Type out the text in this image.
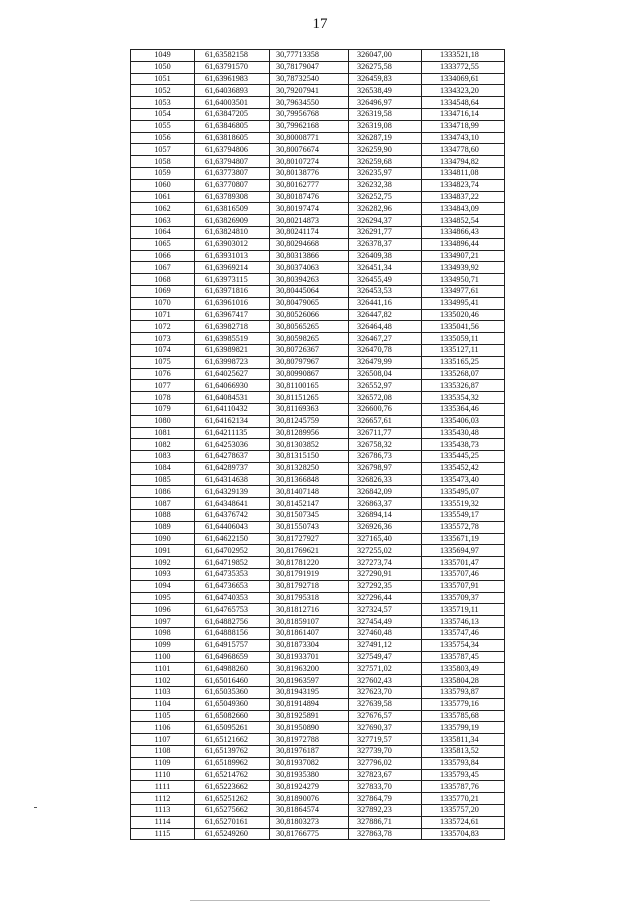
17
1049	61,63582158	30,77713358	326047,00	1333521,18
1050	61,63791570	30,78179047	326275,58	1333772,55
1051	61,63961983	30,78732540	326459,83	1334069,61
1052	61,64036893	30,79207941	326538,49	1334323,20
1053	61,64003501	30,79634550	326496,97	1334548,64
1054	61,63847205	30,79956768	326319,58	1334716,14
1055	61,63846805	30,79962168	326319,08	1334718,99
1056	61,63818605	30,80008771	326287,19	1334743,10
1057	61,63794806	30,80076674	326259,90	1334778,60
1058	61,63794807	30,80107274	326259,68	1334794,82
1059	61,63773807	30,80138776	326235,97	1334811,08
1060	61,63770807	30,80162777	326232,38	1334823,74
1061	61,63789308	30,80187476	326252,75	1334837,22
1062	61,63816509	30,80197474	326282,96	1334843,09
1063	61,63826909	30,80214873	326294,37	1334852,54
1064	61,63824810	30,80241174	326291,77	1334866,43
1065	61,63903012	30,80294668	326378,37	1334896,44
1066	61,63931013	30,80313866	326409,38	1334907,21
1067	61,63969214	30,80374063	326451,34	1334939,92
1068	61,63973115	30,80394263	326455,49	1334950,71
1069	61,63971816	30,80445064	326453,53	1334977,61
1070	61,63961016	30,80479065	326441,16	1334995,41
1071	61,63967417	30,80526066	326447,82	1335020,46
1072	61,63982718	30,80565265	326464,48	1335041,56
1073	61,63985519	30,80598265	326467,27	1335059,11
1074	61,63989821	30,80726367	326470,78	1335127,11
1075	61,63998723	30,80797967	326479,99	1335165,25
1076	61,64025627	30,80990867	326508,04	1335268,07
1077	61,64066930	30,81100165	326552,97	1335326,87
1078	61,64084531	30,81151265	326572,08	1335354,32
1079	61,64110432	30,81169363	326600,76	1335364,46
1080	61,64162134	30,81245759	326657,61	1335406,03
1081	61,64211135	30,81289956	326711,77	1335430,48
1082	61,64253036	30,81303852	326758,32	1335438,73
1083	61,64278637	30,81315150	326786,73	1335445,25
1084	61,64289737	30,81328250	326798,97	1335452,42
1085	61,64314638	30,81366848	326826,33	1335473,40
1086	61,64329139	30,81407148	326842,09	1335495,07
1087	61,64348641	30,81452147	326863,37	1335519,32
1088	61,64376742	30,81507345	326894,14	1335549,17
1089	61,64406043	30,81550743	326926,36	1335572,78
1090	61,64622150	30,81727927	327165,40	1335671,19
1091	61,64702952	30,81769621	327255,02	1335694,97
1092	61,64719852	30,81781220	327273,74	1335701,47
1093	61,64735353	30,81791919	327290,91	1335707,46
1094	61,64736653	30,81792718	327292,35	1335707,91
1095	61,64740353	30,81795318	327296,44	1335709,37
1096	61,64765753	30,81812716	327324,57	1335719,11
1097	61,64882756	30,81859107	327454,49	1335746,13
1098	61,64888156	30,81861407	327460,48	1335747,46
1099	61,64915757	30,81873304	327491,12	1335754,34
1100	61,64968659	30,81933701	327549,47	1335787,45
1101	61,64988260	30,81963200	327571,02	1335803,49
1102	61,65016460	30,81963597	327602,43	1335804,28
1103	61,65035360	30,81943195	327623,70	1335793,87
1104	61,65049360	30,81914894	327639,58	1335779,16
1105	61,65082660	30,81925891	327676,57	1335785,68
1106	61,65095261	30,81950890	327690,37	1335799,19
1107	61,65121662	30,81972788	327719,57	1335811,34
1108	61,65139762	30,81976187	327739,70	1335813,52
1109	61,65189962	30,81937082	327796,02	1335793,84
1110	61,65214762	30,81935380	327823,67	1335793,45
1111	61,65223662	30,81924279	327833,70	1335787,76
1112	61,65251262	30,81890076	327864,79	1335770,21
1113	61,65275662	30,81864574	327892,23	1335757,20
1114	61,65270161	30,81803273	327886,71	1335724,61
1115	61,65249260	30,81766775	327863,78	1335704,83
